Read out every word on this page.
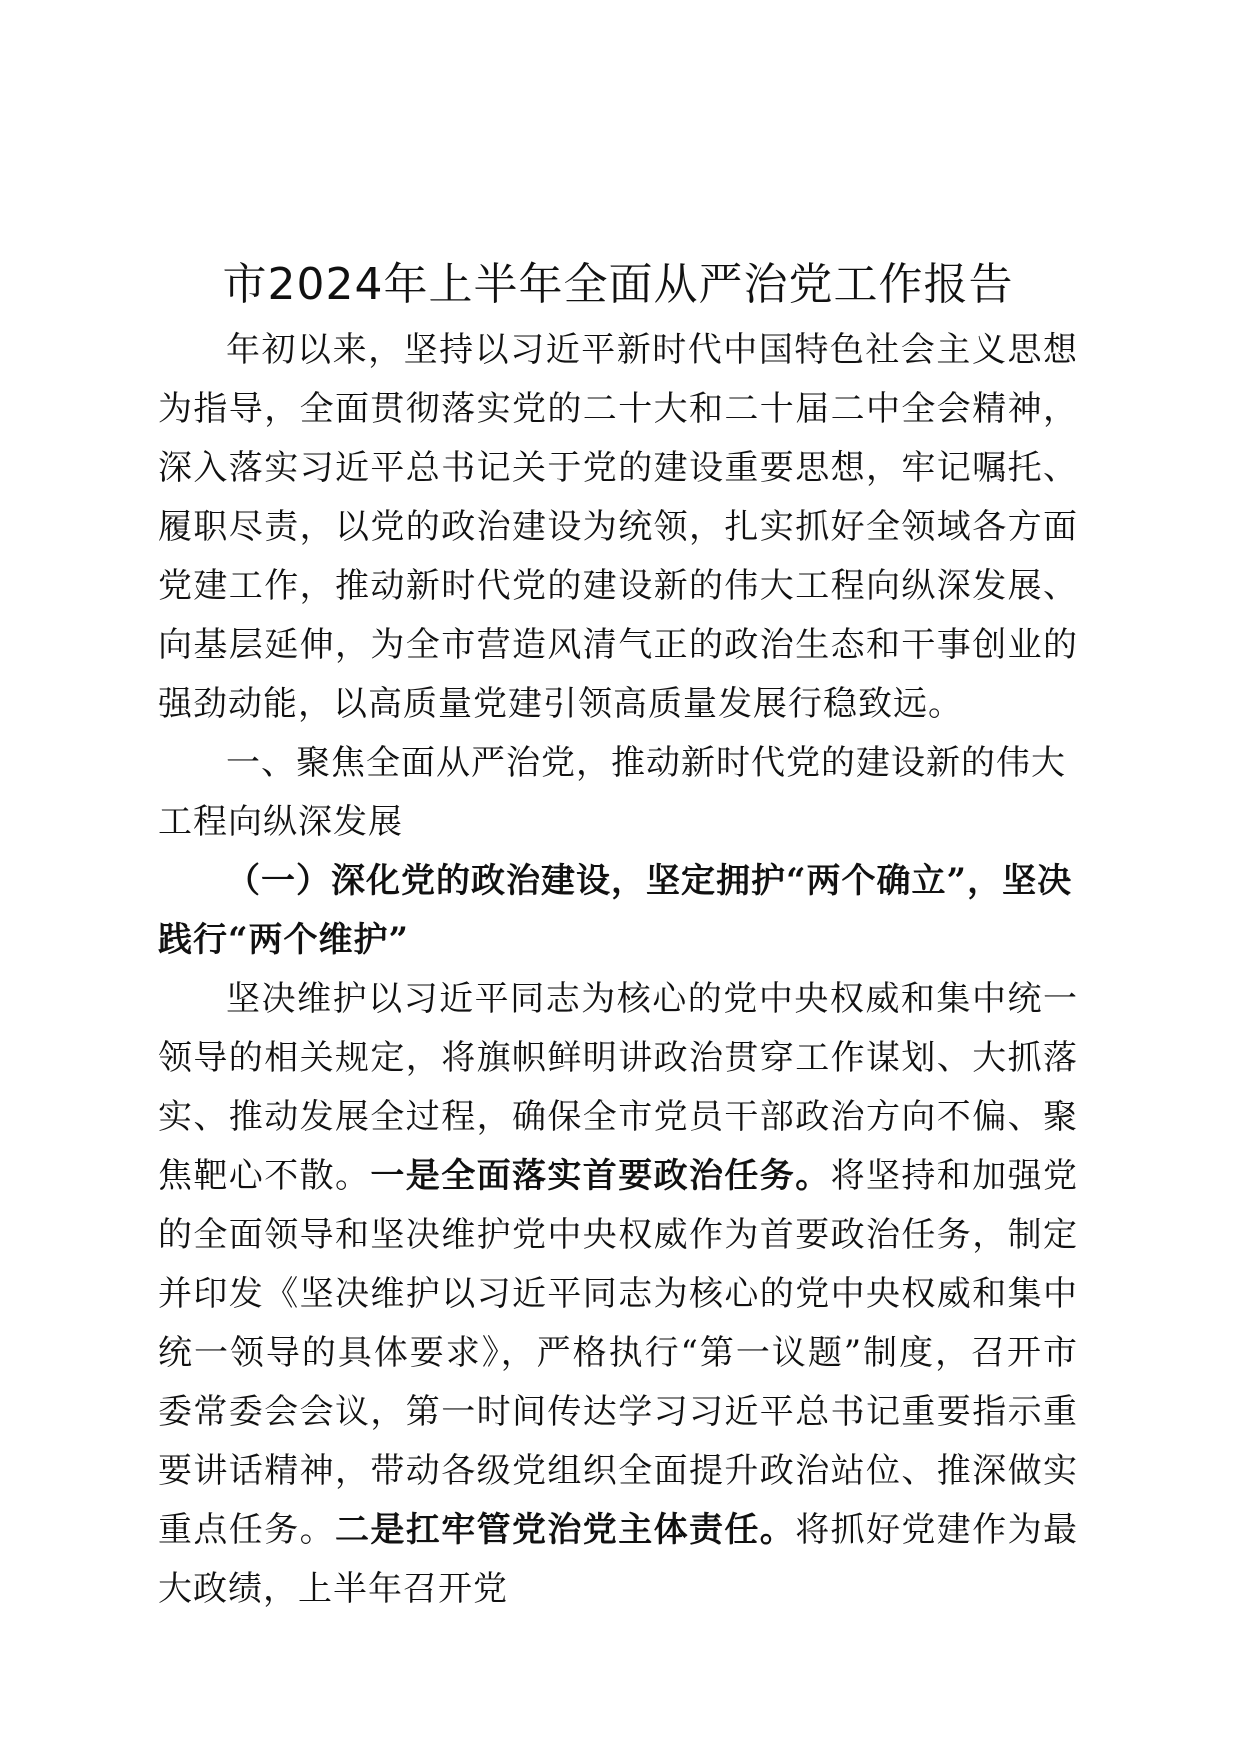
市2024年上半年全面从严治党工作报告

年初以来，坚持以习近平新时代中国特色社会主义思想为指导，全面贯彻落实党的二十大和二十届二中全会精神，深入落实习近平总书记关于党的建设重要思想，牢记嘱托、履职尽责，以党的政治建设为统领，扎实抓好全领域各方面党建工作，推动新时代党的建设新的伟大工程向纵深发展、向基层延伸，为全市营造风清气正的政治生态和干事创业的强劲动能，以高质量党建引领高质量发展行稳致远。

一、聚焦全面从严治党，推动新时代党的建设新的伟大工程向纵深发展

（一）深化党的政治建设，坚定拥护“两个确立”，坚决践行“两个维护”

坚决维护以习近平同志为核心的党中央权威和集中统一领导的相关规定，将旗帜鲜明讲政治贯穿工作谋划、大抓落实、推动发展全过程，确保全市党员干部政治方向不偏、聚焦靶心不散。一是全面落实首要政治任务。将坚持和加强党的全面领导和坚决维护党中央权威作为首要政治任务，制定并印发《坚决维护以习近平同志为核心的党中央权威和集中统一领导的具体要求》，严格执行“第一议题”制度，召开市委常委会会议，第一时间传达学习习近平总书记重要指示重要讲话精神，带动各级党组织全面提升政治站位、推深做实重点任务。二是扛牢管党治党主体责任。将抓好党建作为最大政绩，上半年召开党
